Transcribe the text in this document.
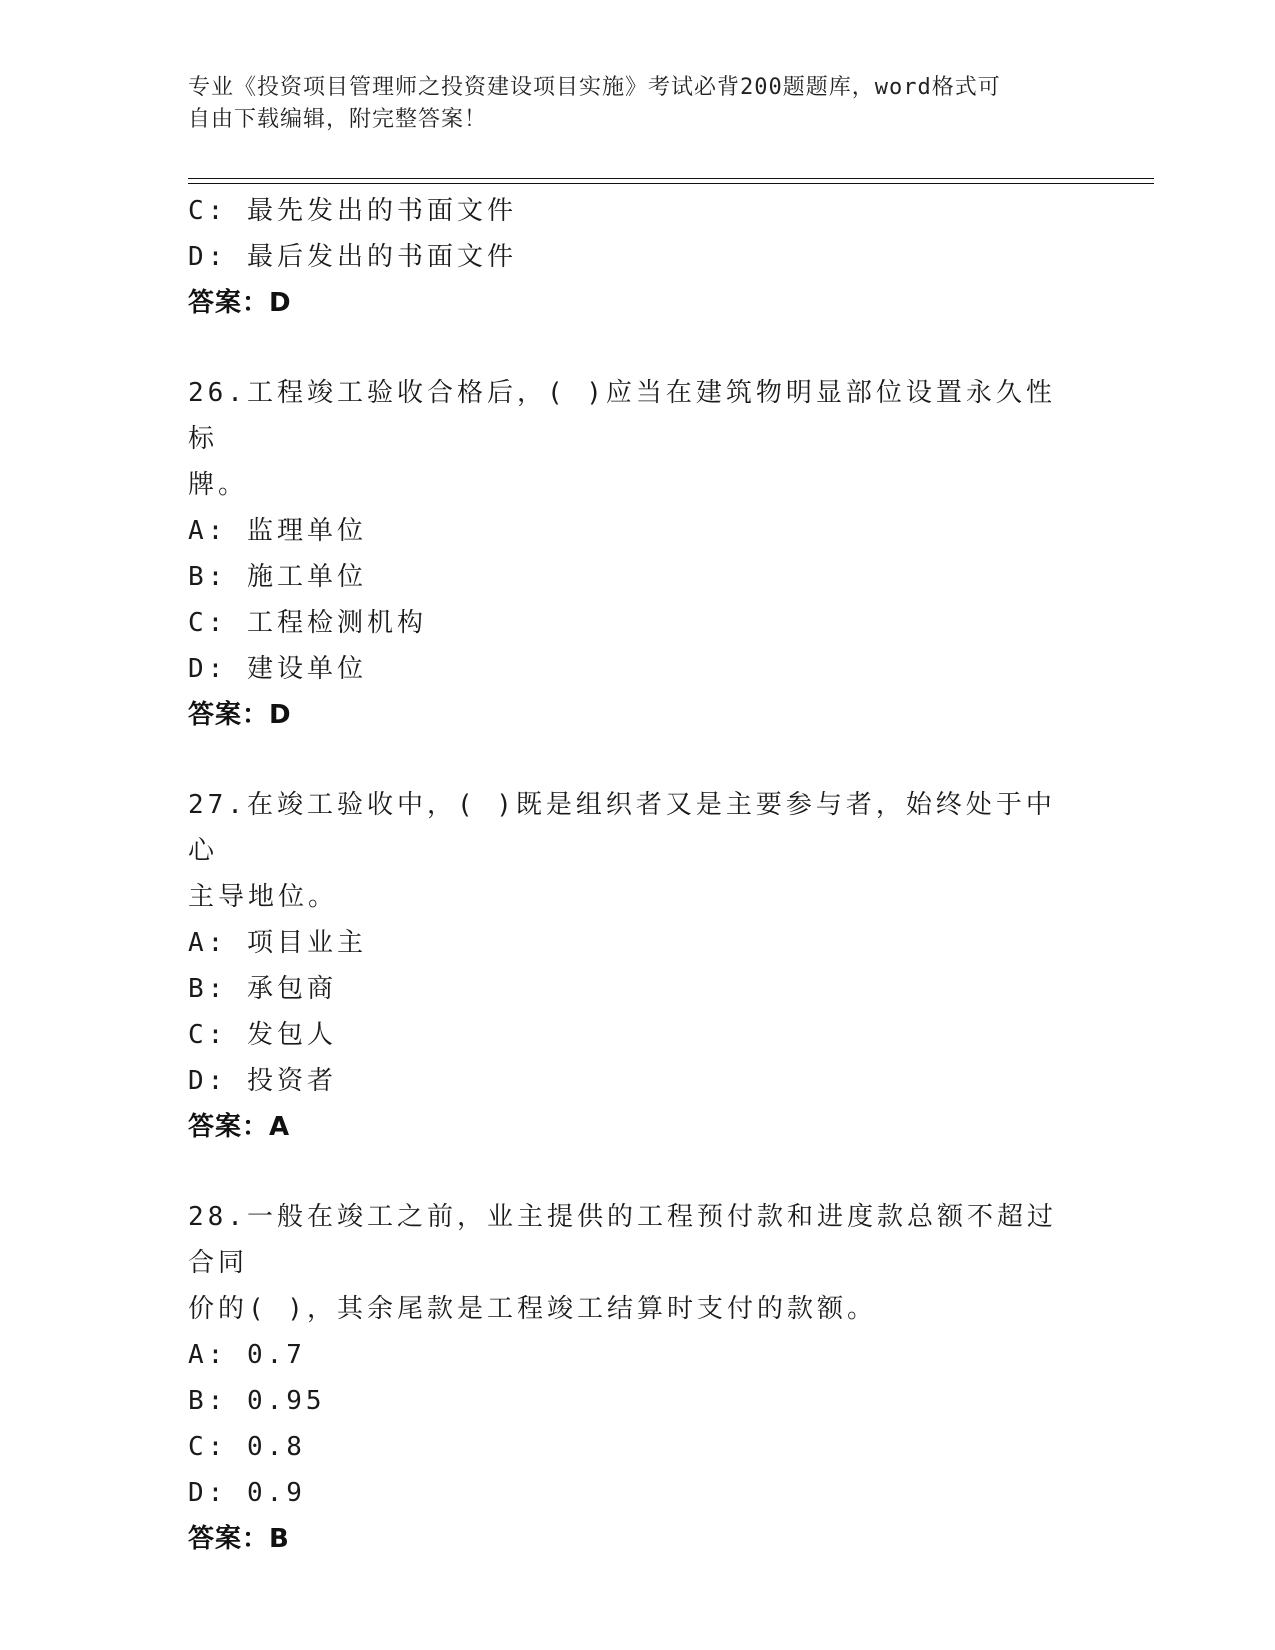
专业《投资项目管理师之投资建设项目实施》考试必背200题题库，word格式可
自由下载编辑，附完整答案！
C: 最先发出的书面文件
D: 最后发出的书面文件
答案：D
26.工程竣工验收合格后，( )应当在建筑物明显部位设置永久性标
牌。
A: 监理单位
B: 施工单位
C: 工程检测机构
D: 建设单位
答案：D
27.在竣工验收中，( )既是组织者又是主要参与者，始终处于中心
主导地位。
A: 项目业主
B: 承包商
C: 发包人
D: 投资者
答案：A
28.一般在竣工之前，业主提供的工程预付款和进度款总额不超过合同
价的( )，其余尾款是工程竣工结算时支付的款额。
A: 0.7
B: 0.95
C: 0.8
D: 0.9
答案：B
